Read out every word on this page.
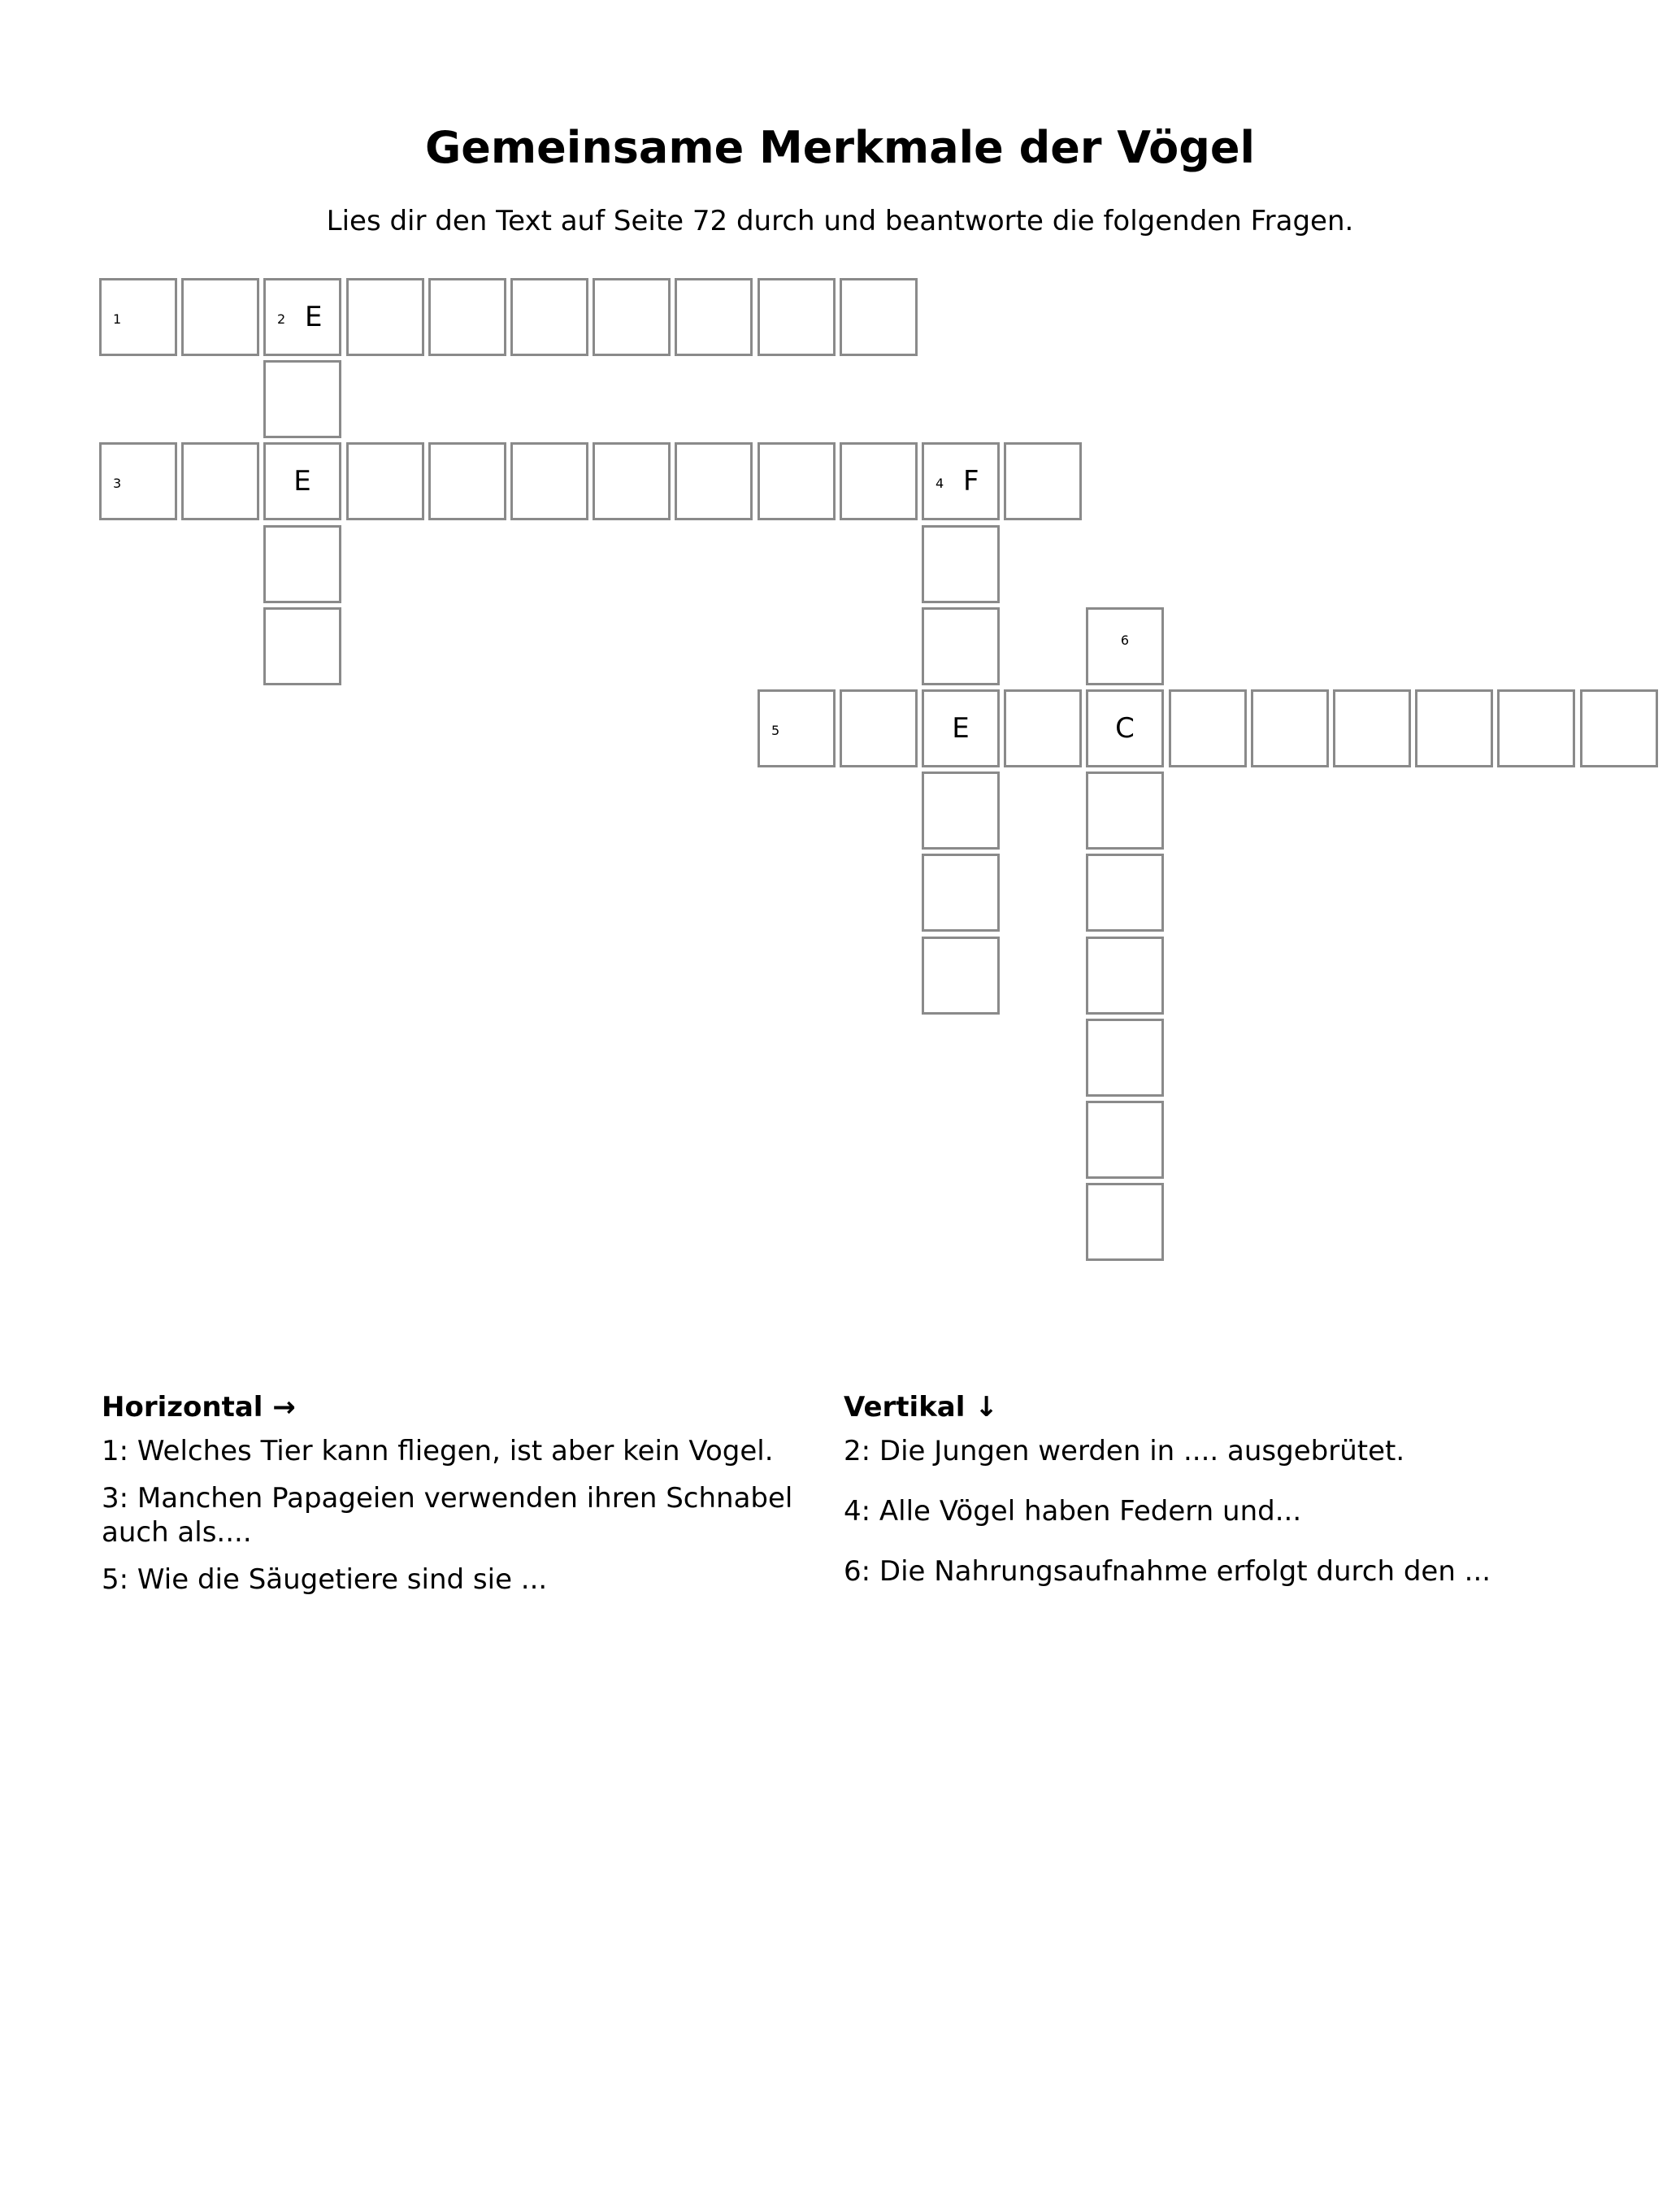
Gemeinsame Merkmale der Vögel

Lies dir den Text auf Seite 72 durch und beantworte die folgenden Fragen.

1	2 E
E
3	4 F
E
5	C
6
Horizontal →
1: Welches Tier kann fliegen, ist aber kein Vogel.
3: Manchen Papageien verwenden ihren Schnabel auch als....
5: Wie die Säugetiere sind sie ...
Vertikal ↓
2: Die Jungen werden in .... ausgebrütet.
4: Alle Vögel haben Federn und...
6: Die Nahrungsaufnahme erfolgt durch den ...
